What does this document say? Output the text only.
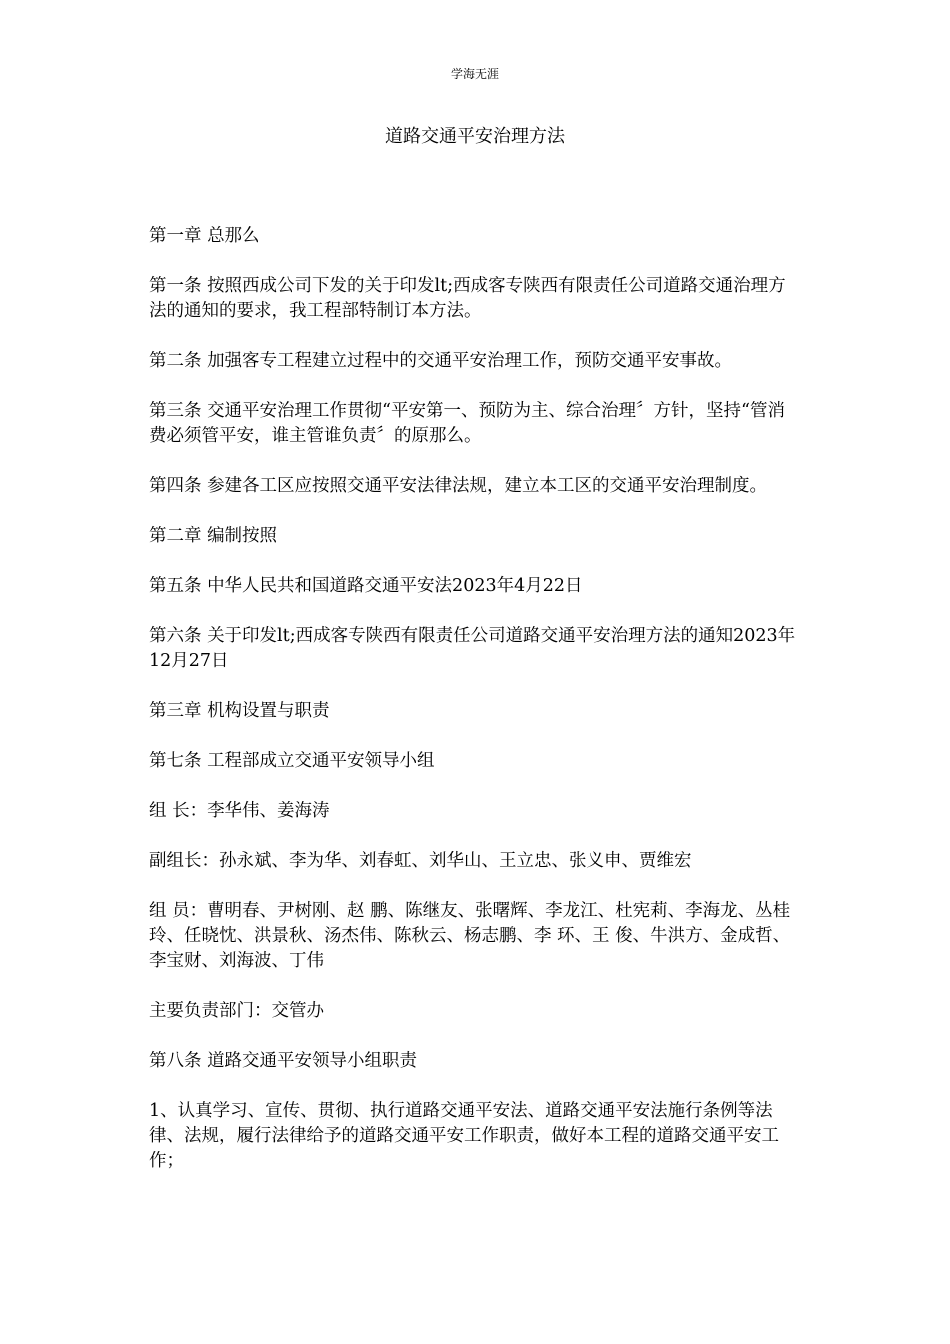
学海无涯
道路交通平安治理方法

第一章 总那么

第一条 按照西成公司下发的关于印发lt;西成客专陕西有限责任公司道路交通治理方法的通知的要求，我工程部特制订本方法。

第二条 加强客专工程建立过程中的交通平安治理工作，预防交通平安事故。

第三条 交通平安治理工作贯彻“平安第一、预防为主、综合治理〞方针，坚持“管消费必须管平安，谁主管谁负责〞的原那么。

第四条 参建各工区应按照交通平安法律法规，建立本工区的交通平安治理制度。

第二章 编制按照

第五条 中华人民共和国道路交通平安法2023年4月22日

第六条 关于印发lt;西成客专陕西有限责任公司道路交通平安治理方法的通知2023年12月27日

第三章 机构设置与职责

第七条 工程部成立交通平安领导小组

组 长：李华伟、姜海涛

副组长：孙永斌、李为华、刘春虹、刘华山、王立忠、张义申、贾维宏

组 员：曹明春、尹树刚、赵 鹏、陈继友、张曙辉、李龙江、杜宪莉、李海龙、丛桂玲、任晓忱、洪景秋、汤杰伟、陈秋云、杨志鹏、李 环、王 俊、牛洪方、金成哲、李宝财、刘海波、丁伟

主要负责部门：交管办

第八条 道路交通平安领导小组职责

1、认真学习、宣传、贯彻、执行道路交通平安法、道路交通平安法施行条例等法律、法规，履行法律给予的道路交通平安工作职责，做好本工程的道路交通平安工作；
